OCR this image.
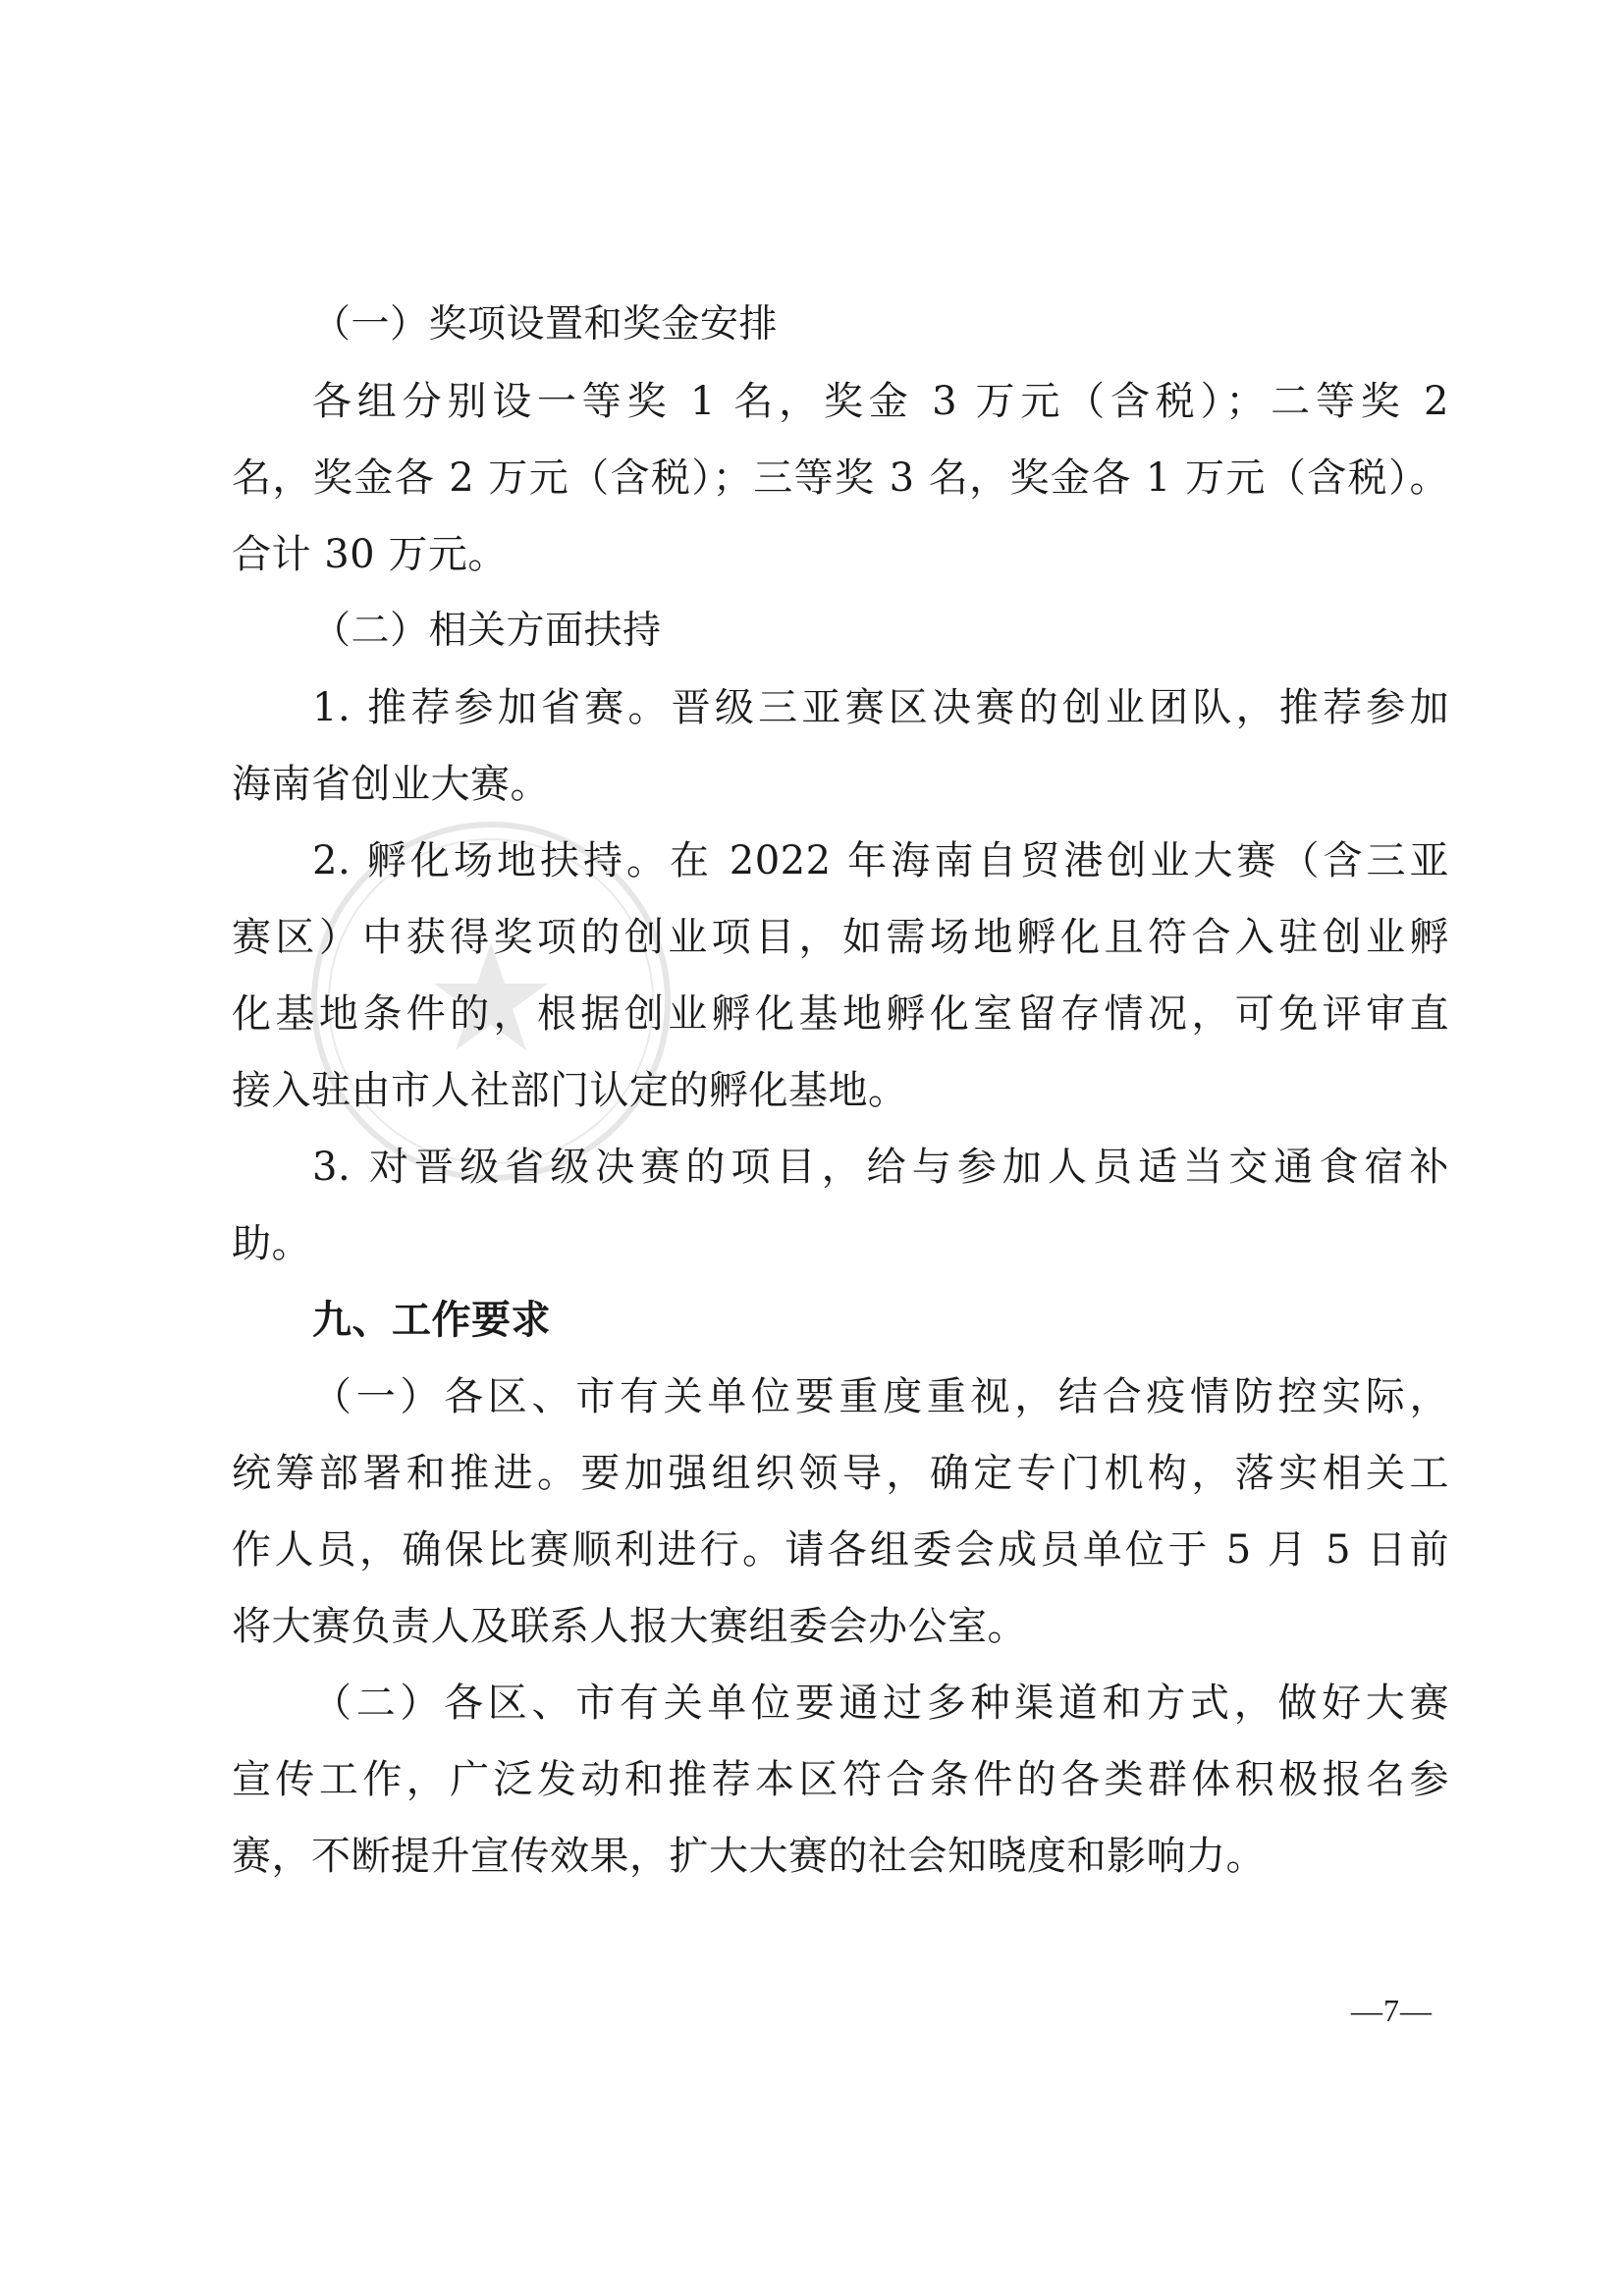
（一）奖项设置和奖金安排
各组分别设一等奖 1 名，奖金 3 万元（含税）；二等奖 2
名，奖金各 2 万元（含税）；三等奖 3 名，奖金各 1 万元（含税）。
合计 30 万元。
（二）相关方面扶持
1. 推荐参加省赛。晋级三亚赛区决赛的创业团队，推荐参加
海南省创业大赛。
2. 孵化场地扶持。在 2022 年海南自贸港创业大赛（含三亚
赛区）中获得奖项的创业项目，如需场地孵化且符合入驻创业孵
化基地条件的，根据创业孵化基地孵化室留存情况，可免评审直
接入驻由市人社部门认定的孵化基地。
3. 对晋级省级决赛的项目，给与参加人员适当交通食宿补
助。
九、工作要求
（一）各区、市有关单位要重度重视，结合疫情防控实际，
统筹部署和推进。要加强组织领导，确定专门机构，落实相关工
作人员，确保比赛顺利进行。请各组委会成员单位于 5 月 5 日前
将大赛负责人及联系人报大赛组委会办公室。
（二）各区、市有关单位要通过多种渠道和方式，做好大赛
宣传工作，广泛发动和推荐本区符合条件的各类群体积极报名参
赛，不断提升宣传效果，扩大大赛的社会知晓度和影响力。
—7—
